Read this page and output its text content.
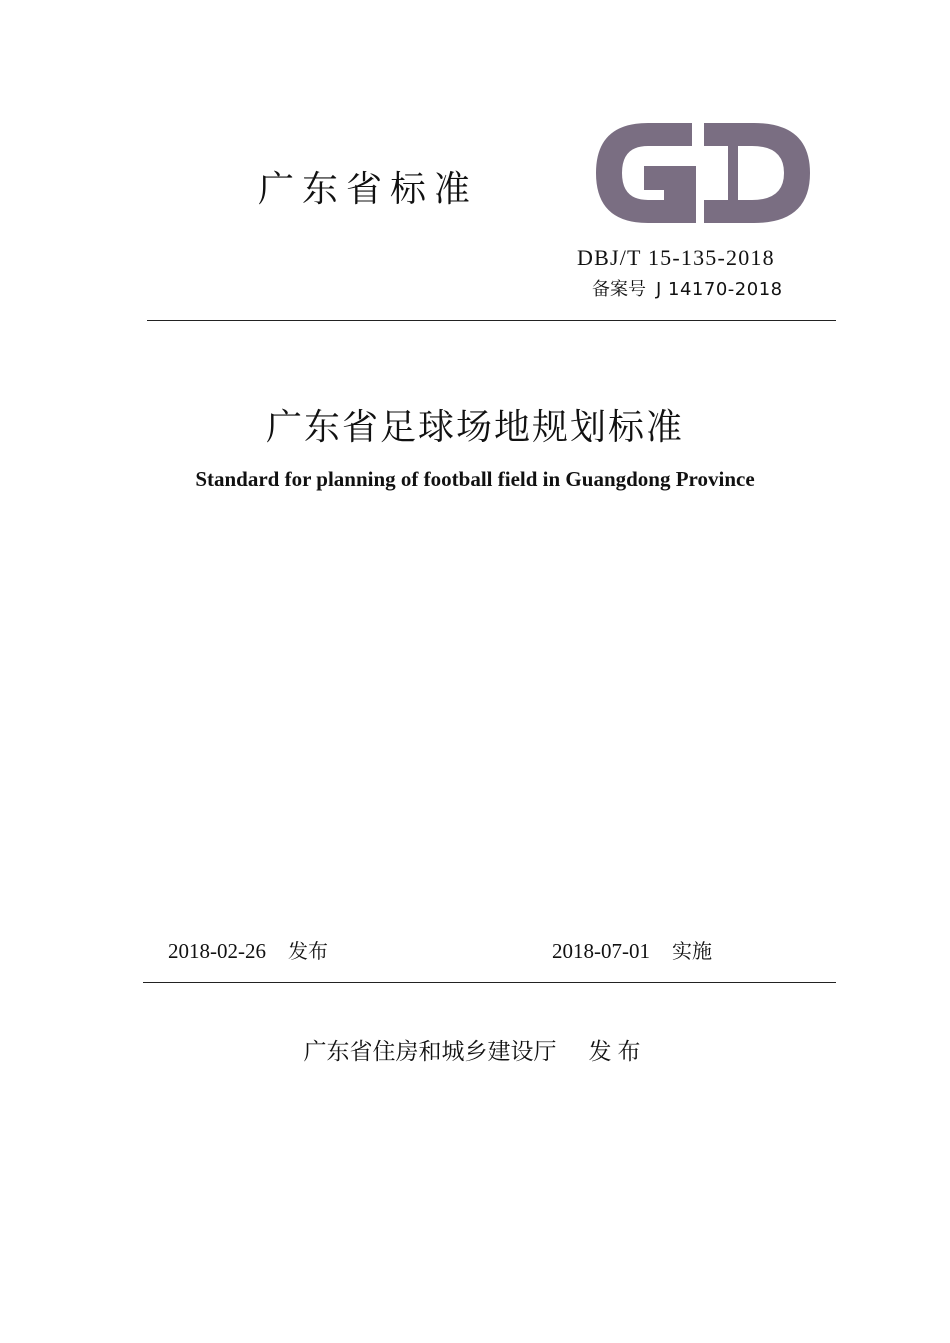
广东省标准
DBJ/T 15-135-2018
备案号 J 14170-2018
广东省足球场地规划标准
Standard for planning of football field in Guangdong Province
2018-02-26 发布	2018-07-01 实施
广东省住房和城乡建设厅 发布
